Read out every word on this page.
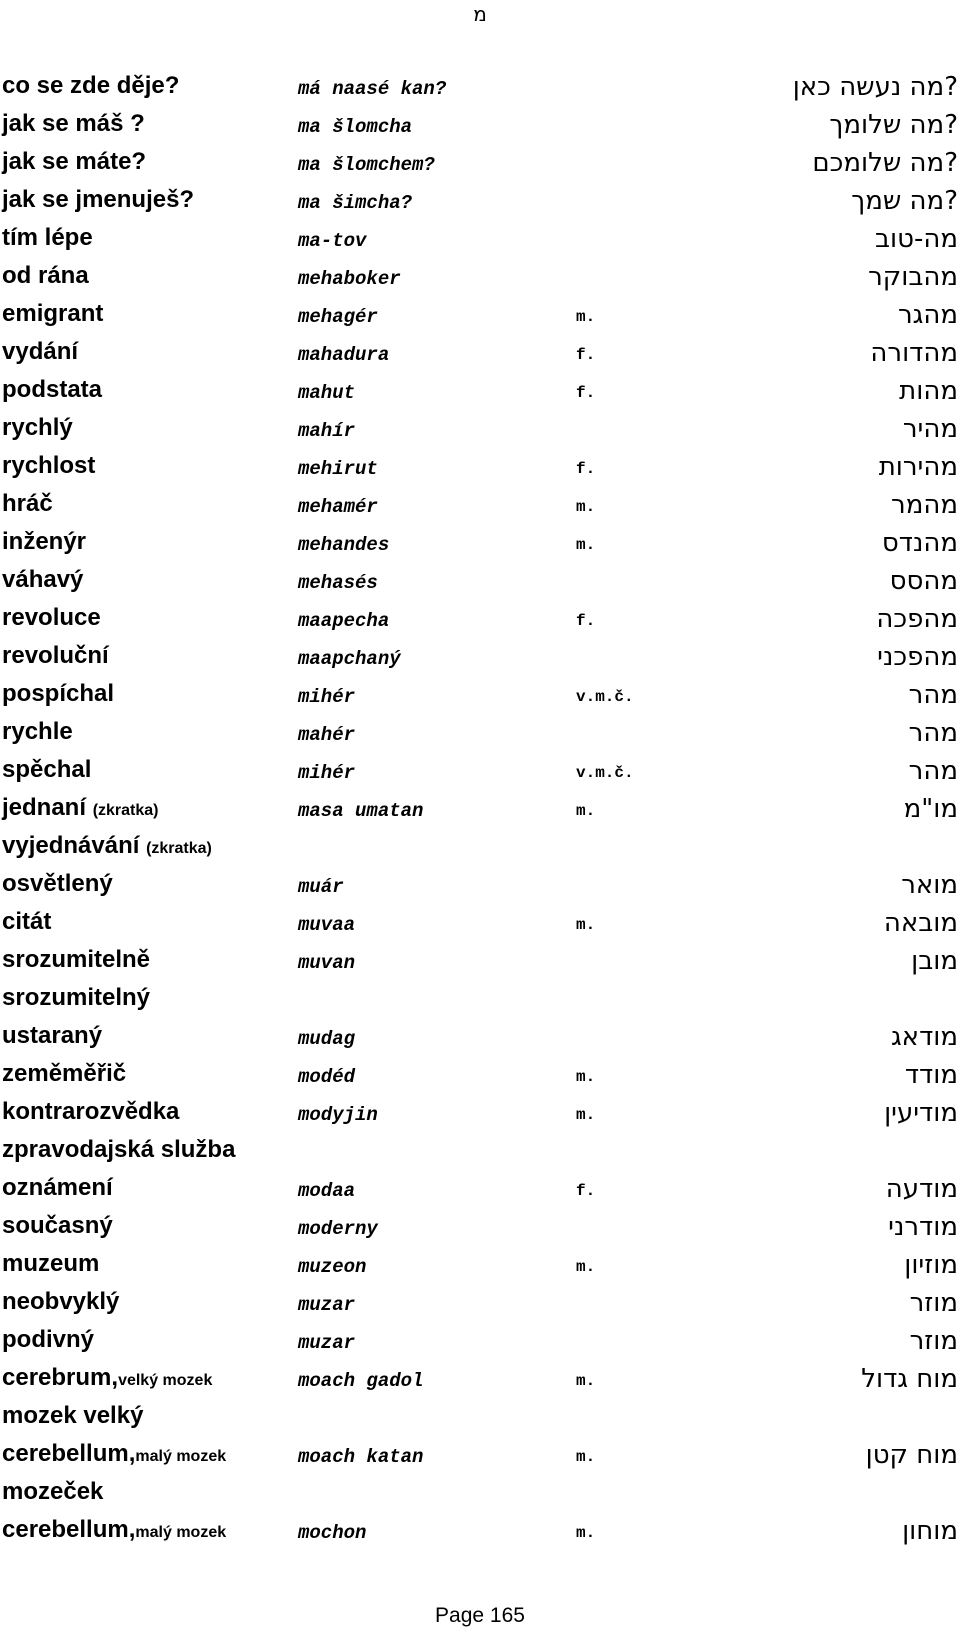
מ
co se zde děje?	má naasé kan?	?מה נעשה כאן
jak se máš ?	ma šlomcha	?מה שלומך
jak se máte?	ma šlomchem?	?מה שלומכם
jak se jmenuješ?	ma šimcha?	?מה שמך
tím lépe	ma-tov	מה-טוב
od rána	mehaboker	מהבוקר
emigrant	mehagér	m.	מהגר
vydání	mahadura	f.	מהדורה
podstata	mahut	f.	מהות
rychlý	mahír	מהיר
rychlost	mehirut	f.	מהירות
hráč	mehamér	m.	מהמר
inženýr	mehandes	m.	מהנדס
váhavý	mehasés	מהסס
revoluce	maapecha	f.	מהפכה
revoluční	maapchaný	מהפכני
pospíchal	mihér	v.m.č.	מהר
rychle	mahér	מהר
spěchal	mihér	v.m.č.	מהר
jednaní (zkratka)	masa umatan	m.	מו"מ
vyjednávání (zkratka)
osvětlený	muár	מואר
citát	muvaa	m.	מובאה
srozumitelně	muvan	מובן
srozumitelný
ustaraný	mudag	מודאג
zeměměřič	modéd	m.	מודד
kontrarozvědka	modyjin	m.	מודיעין
zpravodajská služba
oznámení	modaa	f.	מודעה
současný	moderny	מודרני
muzeum	muzeon	m.	מוזיון
neobvyklý	muzar	מוזר
podivný	muzar	מוזר
cerebrum,velký mozek	moach gadol	m.	מוח גדול
mozek velký
cerebellum,malý mozek	moach katan	m.	מוח קטן
mozeček
cerebellum,malý mozek	mochon	m.	מוחון
Page 165
